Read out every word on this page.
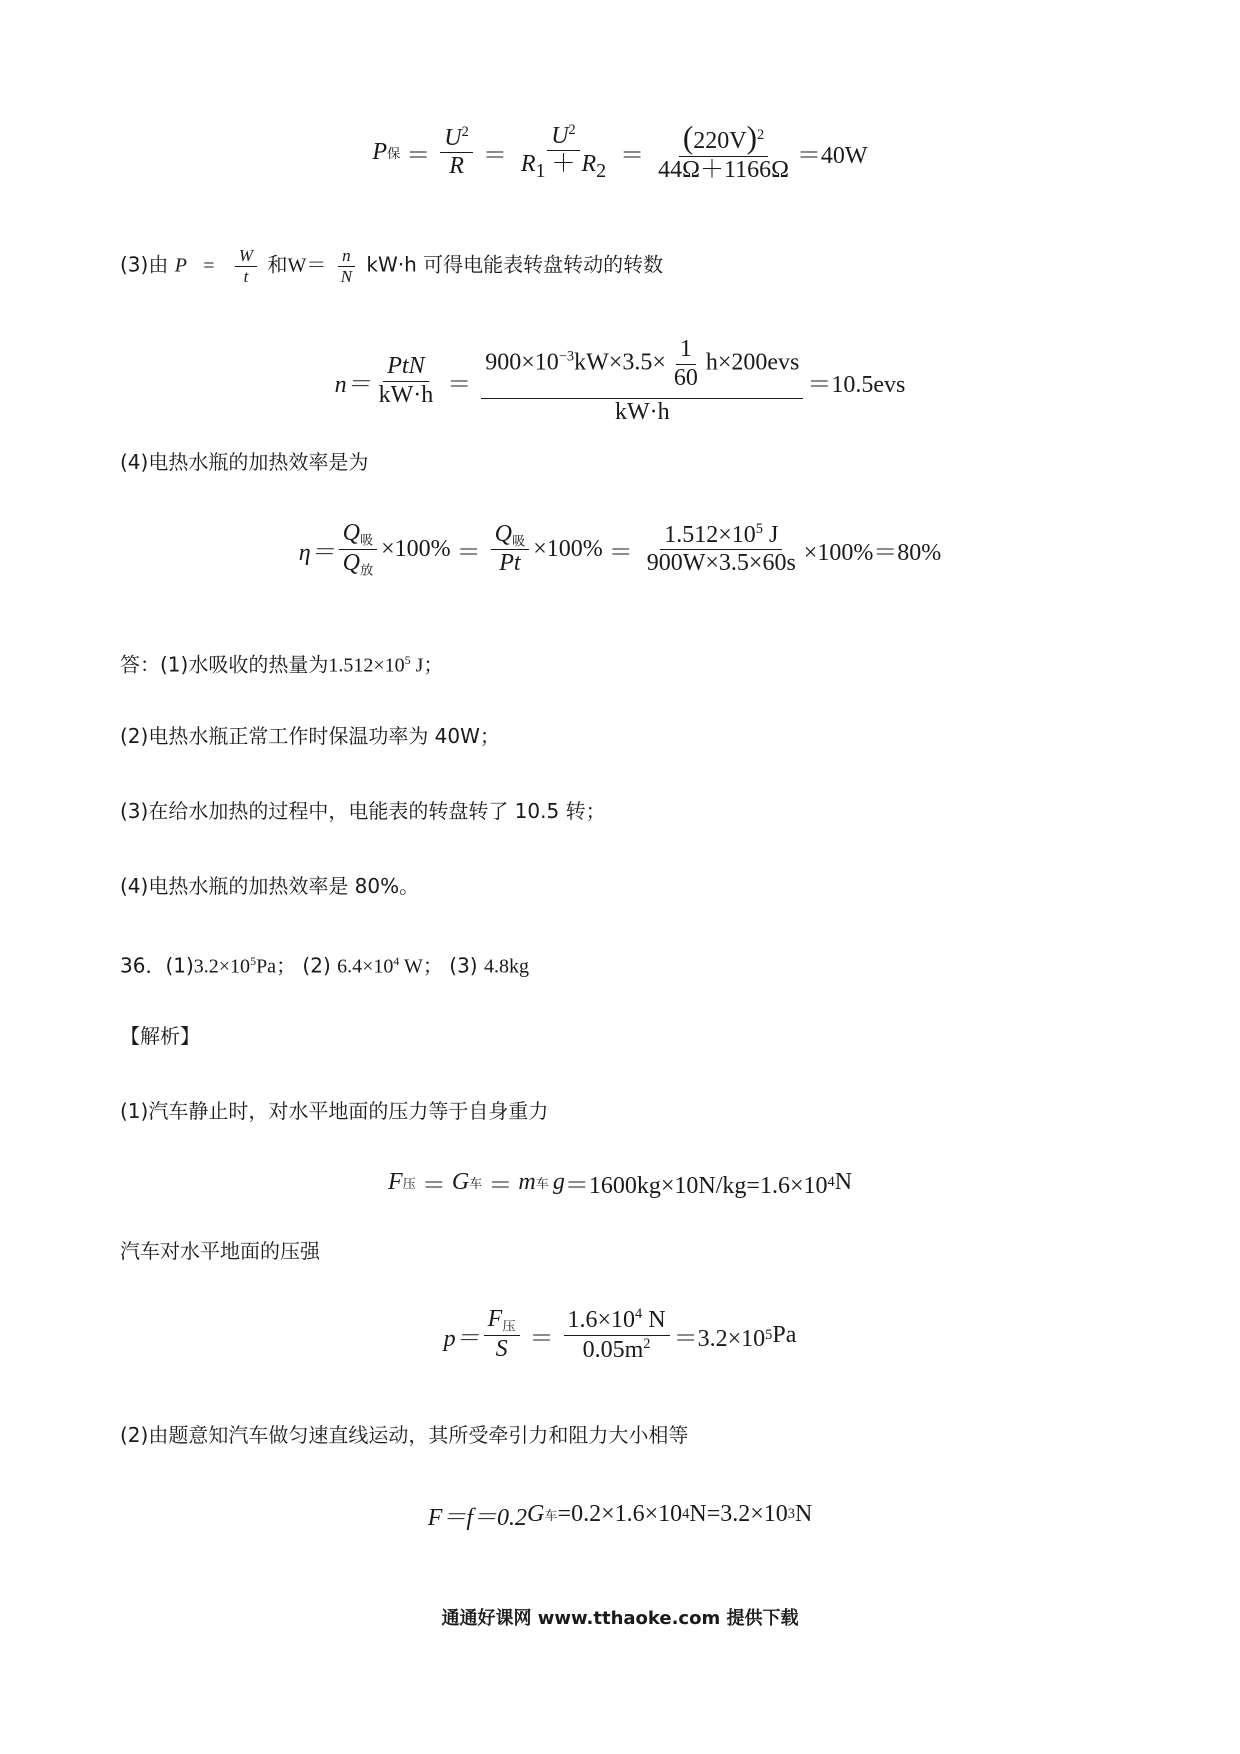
P 保 ＝ $\frac{U^2}{R} = \frac{U^2}{R_1 + R_2} = \frac{(220V)^2}{44\Omega+1166\Omega} =40W$
(3)由 $P = \frac{W}{t}$ 和$W= \frac{n}{N} kW\cdot h$ 可得电能表转盘转动的转数
$n= \frac{\text{PtN}}{kW\cdot h} = \frac{900\times 10^{-3}kW\times 3.5\times \frac{1}{60} h\times 200evs}{kW\cdot h} =10.5evs$
(4)电热水瓶的加热效率是为
$\eta= \frac{Q_吸}{Q_放} \times 100\% = \frac{Q_吸}{Pt} \times 100\% = \frac{1.512\times 10^5 J}{900W\times 3.5\times 60s} \times 100\%=80\%$
答：(1)水吸收的热量为$1.512\times 10^5$ J；
(2)电热水瓶正常工作时保温功率为 40W；
(3)在给水加热的过程中，电能表的转盘转了 10.5 转；
(4)电热水瓶的加热效率是 80%。
36．$(1)3.2\times 10^5Pa$； (2) $6.4\times 10^4$ W； (3) 4.8kg
【解析】
(1)汽车静止时，对水平地面的压力等于自身重力
F 压 ＝ G 车 ＝ m 车 g ＝1600kg×10N/kg=1.6×10 4 N
汽车对水平地面的压强
$p= \frac{F_压}{S} = \frac{1.6\times 10^4 N}{0.05m^2} =3.2\times 10$ 5 Pa
(2)由题意知汽车做匀速直线运动，其所受牵引力和阻力大小相等
F＝f＝0.2 G 车 =0.2×1.6×10 4 N=3.2×10 3 N
通通好课网 www.tthaoke.com 提供下载
